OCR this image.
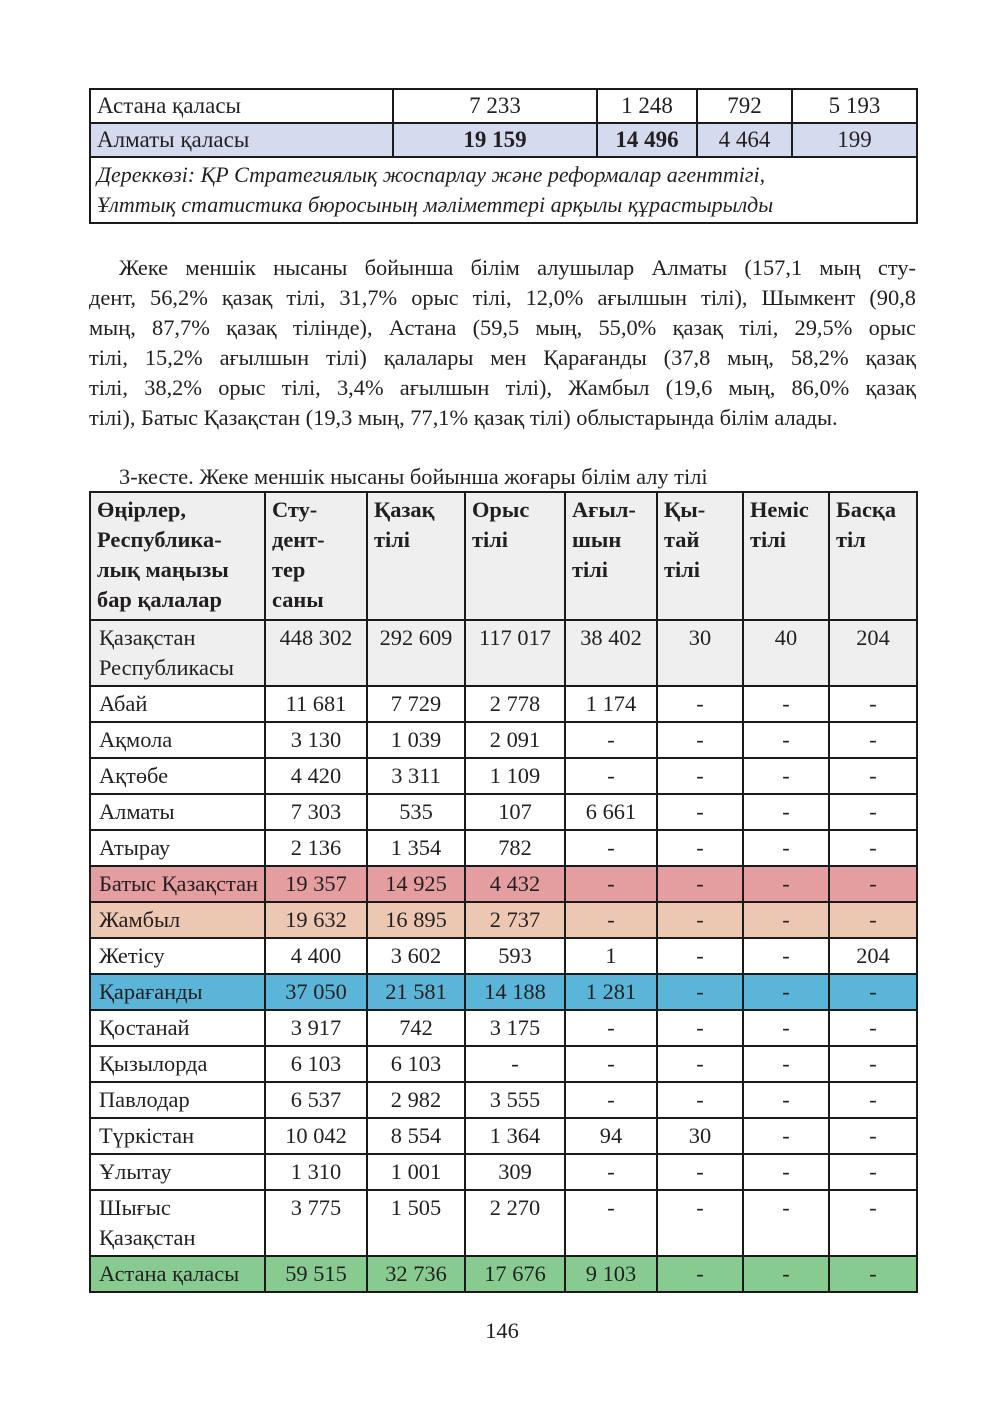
Астана қаласы	7 233	1 248	792	5 193
Алматы қаласы	19 159	14 496	4 464	199
Дереккөзі: ҚР Стратегиялық жоспарлау және реформалар агенттігі,
Ұлттық статистика бюросының мәліметтері арқылы құрастырылды				

Жеке меншік нысаны бойынша білім алушылар Алматы (157,1 мың сту-
дент, 56,2% қазақ тілі, 31,7% орыс тілі, 12,0% ағылшын тілі), Шымкент (90,8
мың, 87,7% қазақ тілінде), Астана (59,5 мың, 55,0% қазақ тілі, 29,5% орыс
тілі, 15,2% ағылшын тілі) қалалары мен Қарағанды (37,8 мың, 58,2% қазақ
тілі, 38,2% орыс тілі, 3,4% ағылшын тілі), Жамбыл (19,6 мың, 86,0% қазақ
тілі), Батыс Қазақстан (19,3 мың, 77,1% қазақ тілі) облыстарында білім алады.

3-кесте. Жеке меншік нысаны бойынша жоғары білім алу тілі

Өңірлер,
Республика-
лық маңызы
бар қалалар	Сту-
дент-
тер
саны	Қазақ
тілі	Орыс
тілі	Ағыл-
шын
тілі	Қы-
тай
тілі	Неміс
тілі	Басқа
тіл

Қазақстан Республикасы	448 302	292 609	117 017	38 402	30	40	204
Абай	11 681	7 729	2 778	1 174	-	-	-
Ақмола	3 130	1 039	2 091	-	-	-	-
Ақтөбе	4 420	3 311	1 109	-	-	-	-
Алматы	7 303	535	107	6 661	-	-	-
Атырау	2 136	1 354	782	-	-	-	-
Батыс Қазақстан	19 357	14 925	4 432	-	-	-	-
Жамбыл	19 632	16 895	2 737	-	-	-	-
Жетісу	4 400	3 602	593	1	-	-	204
Қарағанды	37 050	21 581	14 188	1 281	-	-	-
Қостанай	3 917	742	3 175	-	-	-	-
Қызылорда	6 103	6 103	-	-	-	-	-
Павлодар	6 537	2 982	3 555	-	-	-	-
Түркістан	10 042	8 554	1 364	94	30	-	-
Ұлытау	1 310	1 001	309	-	-	-	-
Шығыс Қазақстан	3 775	1 505	2 270	-	-	-	-
Астана қаласы	59 515	32 736	17 676	9 103	-	-	-
146
